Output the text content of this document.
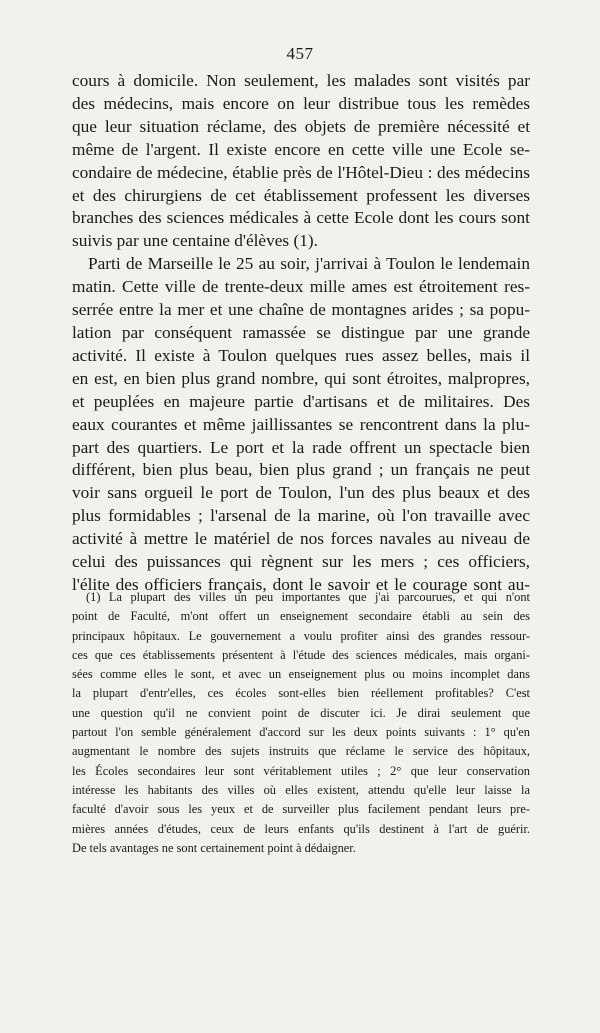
457

cours à domicile. Non seulement, les malades sont visités par
des médecins, mais encore on leur distribue tous les remèdes
que leur situation réclame, des objets de première nécessité et
même de l'argent. Il existe encore en cette ville une Ecole se-
condaire de médecine, établie près de l'Hôtel-Dieu : des médecins
et des chirurgiens de cet établissement professent les diverses
branches des sciences médicales à cette Ecole dont les cours sont
suivis par une centaine d'élèves (1).

Parti de Marseille le 25 au soir, j'arrivai à Toulon le lendemain
matin. Cette ville de trente-deux mille ames est étroitement res-
serrée entre la mer et une chaîne de montagnes arides ; sa popu-
lation par conséquent ramassée se distingue par une grande
activité. Il existe à Toulon quelques rues assez belles, mais il
en est, en bien plus grand nombre, qui sont étroites, malpropres,
et peuplées en majeure partie d'artisans et de militaires. Des
eaux courantes et même jaillissantes se rencontrent dans la plu-
part des quartiers. Le port et la rade offrent un spectacle bien
différent, bien plus beau, bien plus grand ; un français ne peut
voir sans orgueil le port de Toulon, l'un des plus beaux et des
plus formidables ; l'arsenal de la marine, où l'on travaille avec
activité à mettre le matériel de nos forces navales au niveau de
celui des puissances qui règnent sur les mers ; ces officiers,
l'élite des officiers français, dont le savoir et le courage sont au-

(1) La plupart des villes un peu importantes que j'ai parcourues, et qui n'ont
point de Faculté, m'ont offert un enseignement secondaire établi au sein des
principaux hôpitaux. Le gouvernement a voulu profiter ainsi des grandes ressour-
ces que ces établissements présentent à l'étude des sciences médicales, mais organi-
sées comme elles le sont, et avec un enseignement plus ou moins incomplet dans
la plupart d'entr'elles, ces écoles sont-elles bien réellement profitables? C'est
une question qu'il ne convient point de discuter ici. Je dirai seulement que
partout l'on semble généralement d'accord sur les deux points suivants : 1° qu'en
augmentant le nombre des sujets instruits que réclame le service des hôpitaux,
les Écoles secondaires leur sont véritablement utiles ; 2° que leur conservation
intéresse les habitants des villes où elles existent, attendu qu'elle leur laisse la
faculté d'avoir sous les yeux et de surveiller plus facilement pendant leurs pre-
mières années d'études, ceux de leurs enfants qu'ils destinent à l'art de guérir.
De tels avantages ne sont certainement point à dédaigner.
